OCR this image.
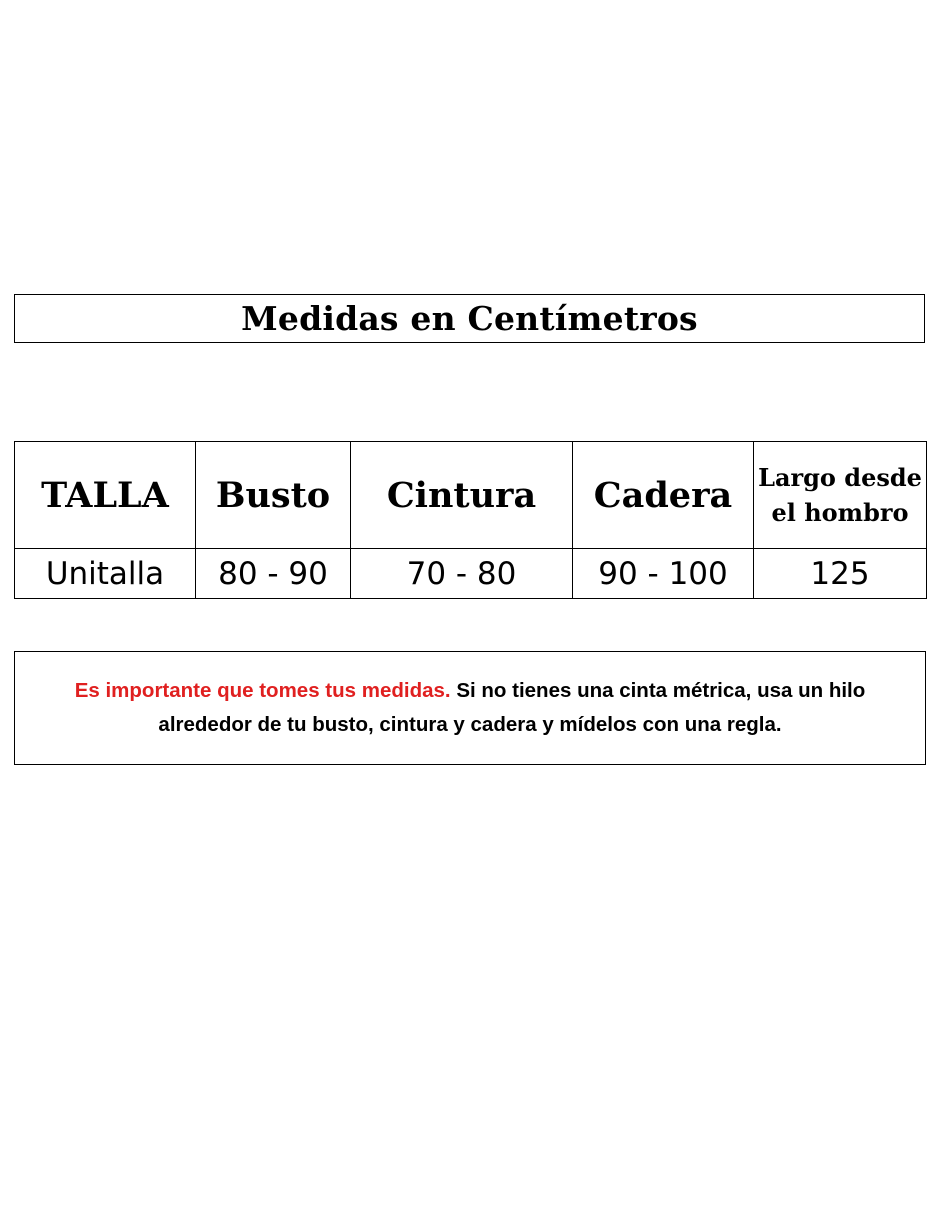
Medidas en Centímetros
TALLA	Busto	Cintura	Cadera	Largo desde el hombro
Unitalla	80 - 90	70 - 80	90 - 100	125
Es importante que tomes tus medidas. Si no tienes una cinta métrica, usa un hilo alrededor de tu busto, cintura y cadera y mídelos con una regla.
